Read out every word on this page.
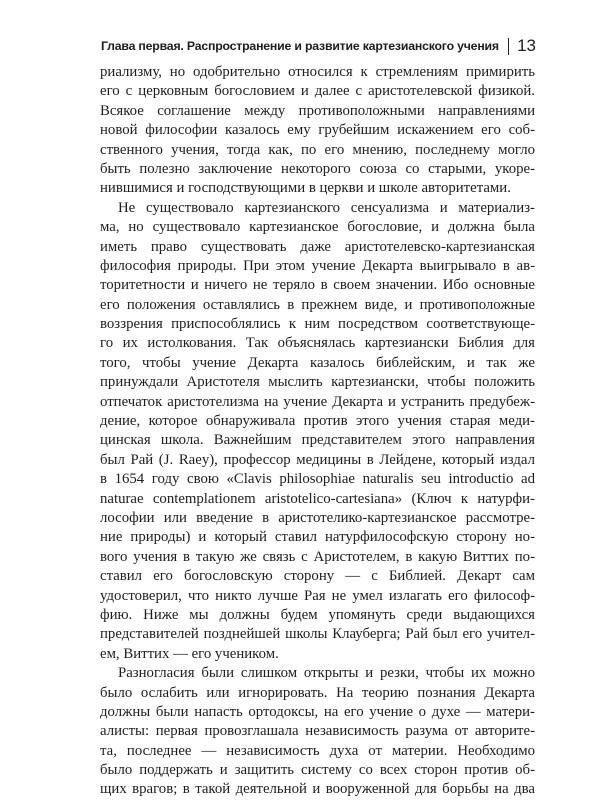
Глава первая. Распространение и развитие картезианского учения 13
риализму, но одобрительно относился к стремлениям примирить
его с церковным богословием и далее с аристотелевской физикой.
Всякое соглашение между противоположными направлениями
новой философии казалось ему грубейшим искажением его соб-
ственного учения, тогда как, по его мнению, последнему могло
быть полезно заключение некоторого союза со старыми, укоре-
нившимися и господствующими в церкви и школе авторитетами.
Не существовало картезианского сенсуализма и материализ-
ма, но существовало картезианское богословие, и должна была
иметь право существовать даже аристотелевско-картезианская
философия природы. При этом учение Декарта выигрывало в ав-
торитетности и ничего не теряло в своем значении. Ибо основные
его положения оставлялись в прежнем виде, и противоположные
воззрения приспособлялись к ним посредством соответствующе-
го их истолкования. Так объяснялась картезиански Библия для
того, чтобы учение Декарта казалось библейским, и так же
принуждали Аристотеля мыслить картезиански, чтобы положить
отпечаток аристотелизма на учение Декарта и устранить предубеж-
дение, которое обнаруживала против этого учения старая меди-
цинская школа. Важнейшим представителем этого направления
был Рай (J. Raey), профессор медицины в Лейдене, который издал
в 1654 году свою «Clavis philosophiae naturalis seu introductio ad
naturae contemplationem aristotelico-cartesiana» (Ключ к натурфи-
лософии или введение в аристотелико-картезианское рассмотре-
ние природы) и который ставил натурфилософскую сторону но-
вого учения в такую же связь с Аристотелем, в какую Виттих по-
ставил его богословскую сторону — с Библией. Декарт сам
удостоверил, что никто лучше Рая не умел излагать его философ-
фию. Ниже мы должны будем упомянуть среди выдающихся
представителей позднейшей школы Клауберга; Рай был его учител-
ем, Виттих — его учеником.
Разногласия были слишком открыты и резки, чтобы их можно
было ослабить или игнорировать. На теорию познания Декарта
должны были напасть ортодоксы, на его учение о духе — матери-
алисты: первая провозглашала независимость разума от авторите-
та, последнее — независимость духа от материи. Необходимо
было поддержать и защитить систему со всех сторон против об-
щих врагов; в такой деятельной и вооруженной для борьбы на два
